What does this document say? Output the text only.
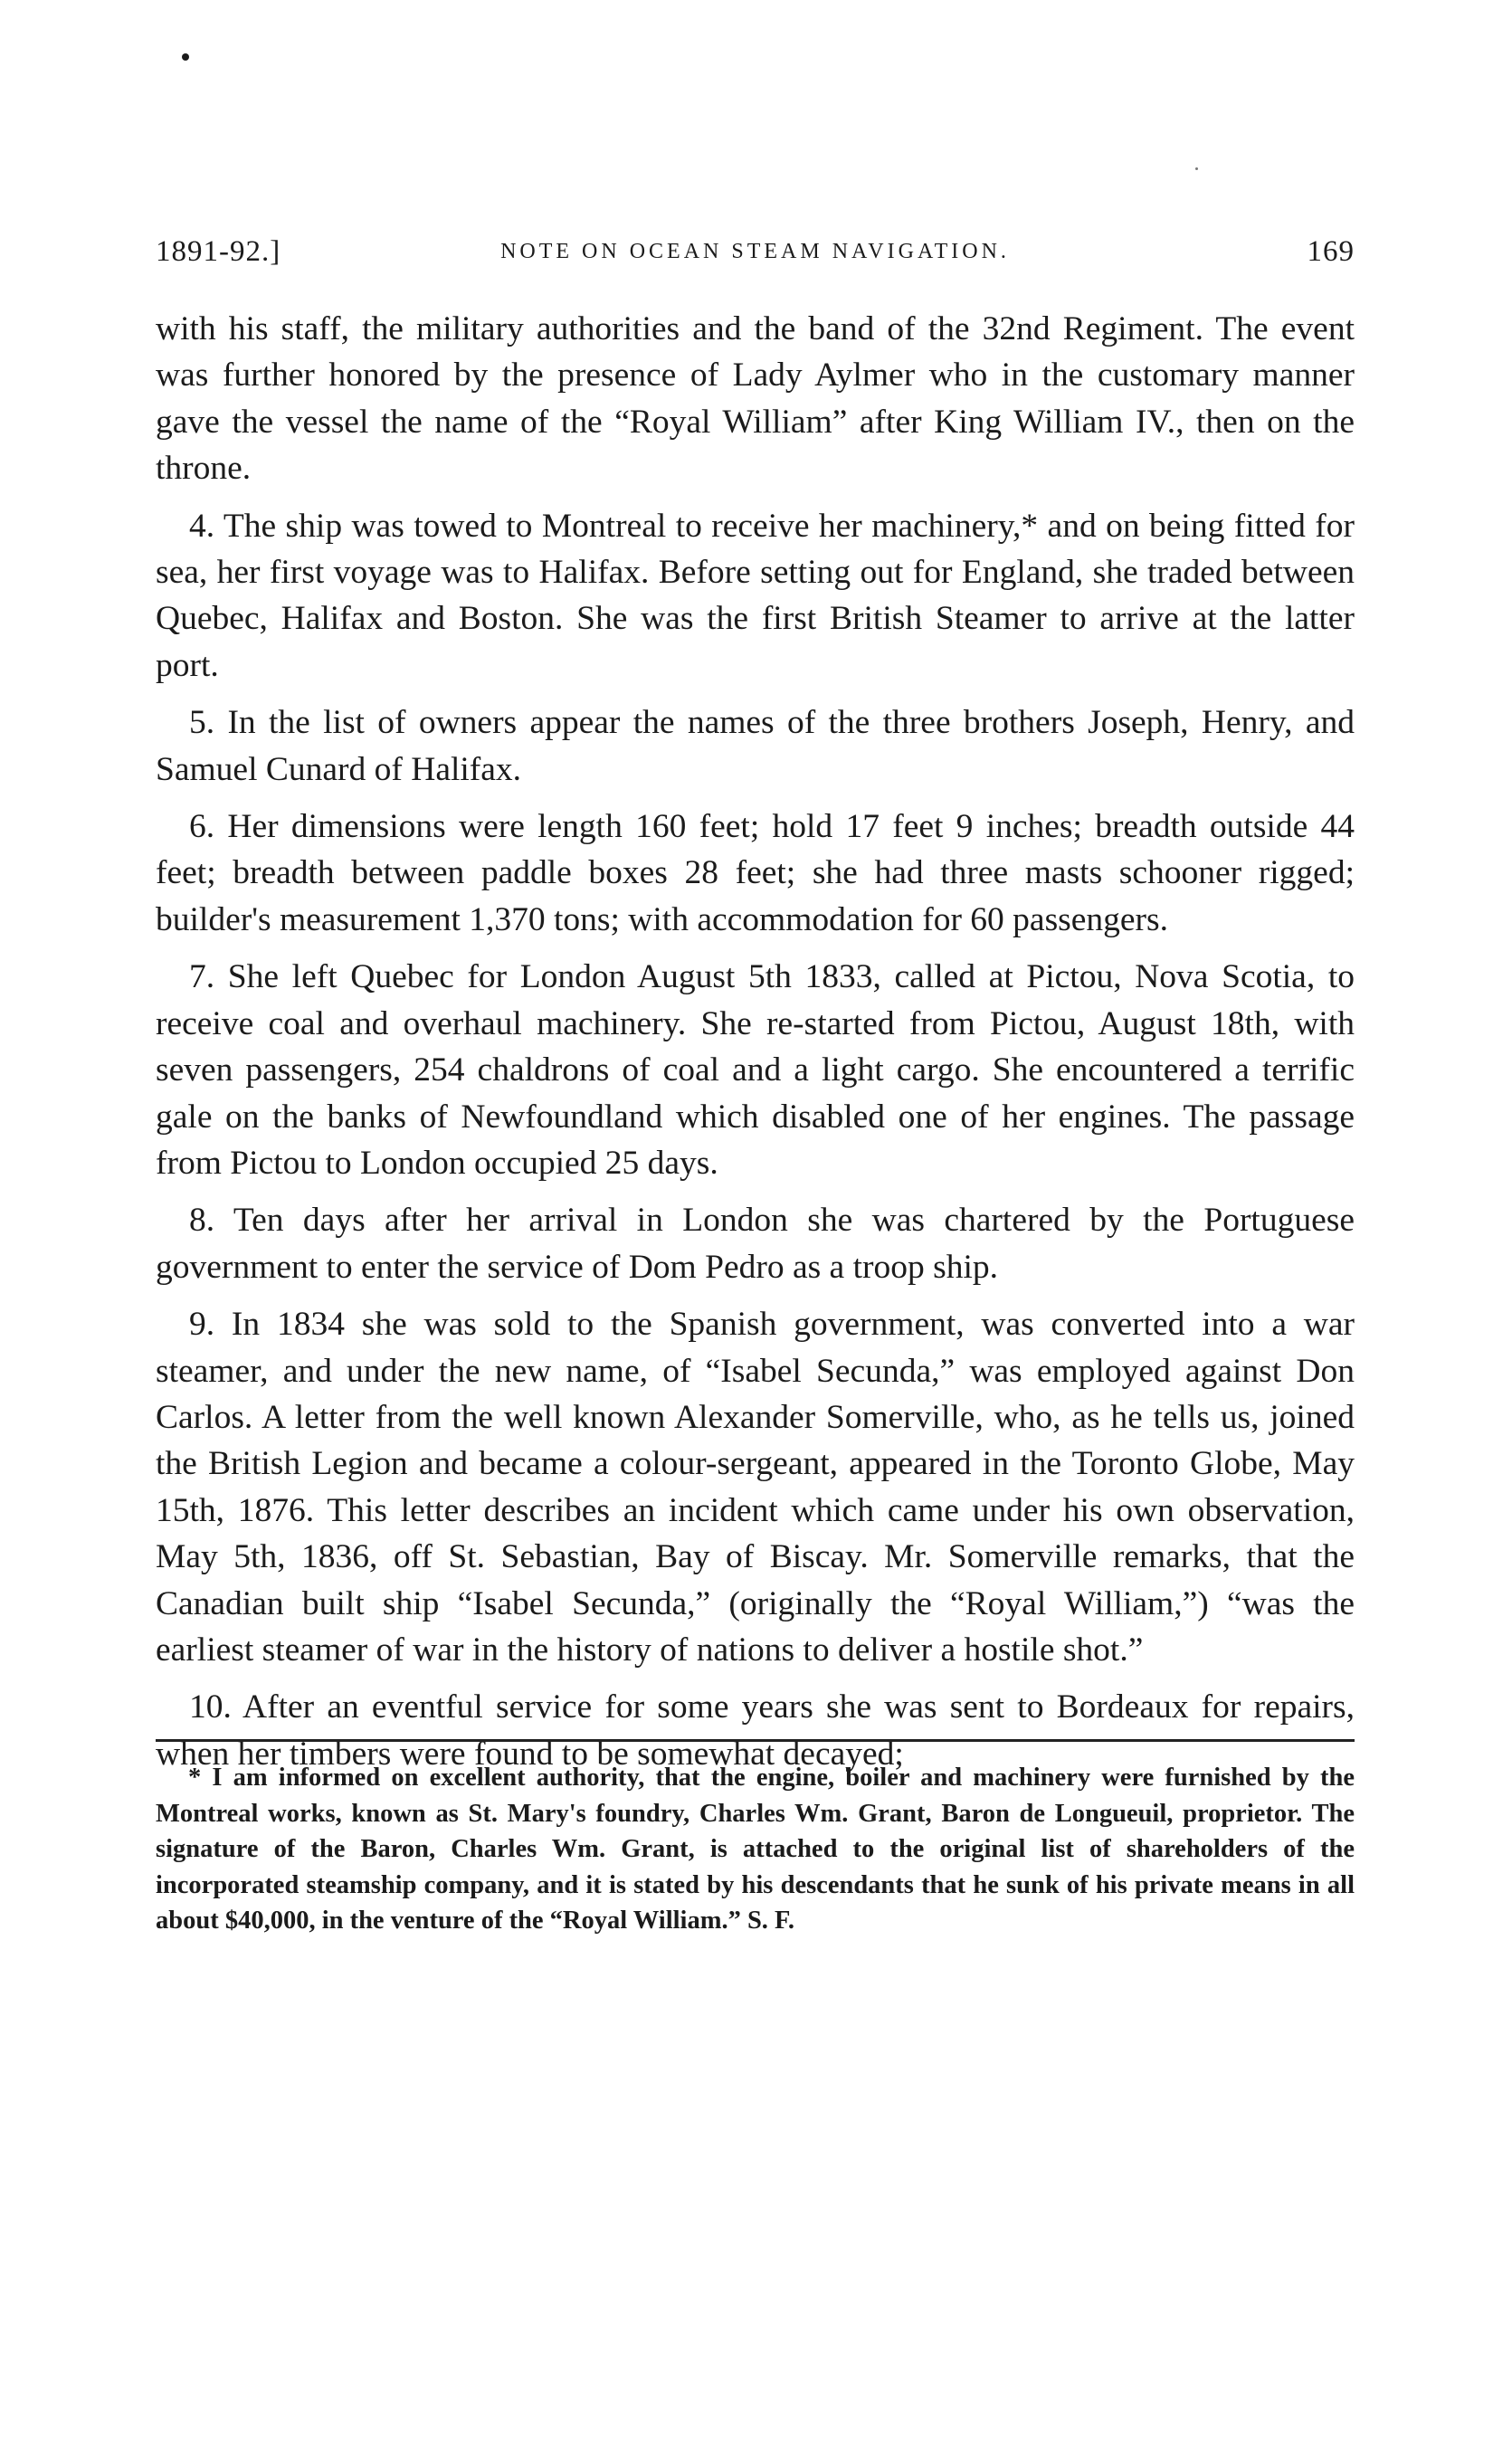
1891-92.]	NOTE ON OCEAN STEAM NAVIGATION.	169

with his staff, the military authorities and the band of the 32nd Regiment. The event was further honored by the presence of Lady Aylmer who in the customary manner gave the vessel the name of the “Royal William” after King William IV., then on the throne.

4. The ship was towed to Montreal to receive her machinery,* and on being fitted for sea, her first voyage was to Halifax. Before setting out for England, she traded between Quebec, Halifax and Boston. She was the first British Steamer to arrive at the latter port.

5. In the list of owners appear the names of the three brothers Joseph, Henry, and Samuel Cunard of Halifax.

6. Her dimensions were length 160 feet; hold 17 feet 9 inches; breadth outside 44 feet; breadth between paddle boxes 28 feet; she had three masts schooner rigged; builder's measurement 1,370 tons; with accommodation for 60 passengers.

7. She left Quebec for London August 5th 1833, called at Pictou, Nova Scotia, to receive coal and overhaul machinery. She re-started from Pictou, August 18th, with seven passengers, 254 chaldrons of coal and a light cargo. She encountered a terrific gale on the banks of Newfoundland which disabled one of her engines. The passage from Pictou to London occupied 25 days.

8. Ten days after her arrival in London she was chartered by the Portuguese government to enter the service of Dom Pedro as a troop ship.

9. In 1834 she was sold to the Spanish government, was converted into a war steamer, and under the new name, of “Isabel Secunda,” was employed against Don Carlos. A letter from the well known Alexander Somerville, who, as he tells us, joined the British Legion and became a colour-sergeant, appeared in the Toronto Globe, May 15th, 1876. This letter describes an incident which came under his own observation, May 5th, 1836, off St. Sebastian, Bay of Biscay. Mr. Somerville remarks, that the Canadian built ship “Isabel Secunda,” (originally the “Royal William,”) “was the earliest steamer of war in the history of nations to deliver a hostile shot.”

10. After an eventful service for some years she was sent to Bordeaux for repairs, when her timbers were found to be somewhat decayed;

* I am informed on excellent authority, that the engine, boiler and machinery were furnished by the Montreal works, known as St. Mary's foundry, Charles Wm. Grant, Baron de Longueuil, proprietor. The signature of the Baron, Charles Wm. Grant, is attached to the original list of shareholders of the incorporated steamship company, and it is stated by his descendants that he sunk of his private means in all about $40,000, in the venture of the “Royal William.” S. F.
